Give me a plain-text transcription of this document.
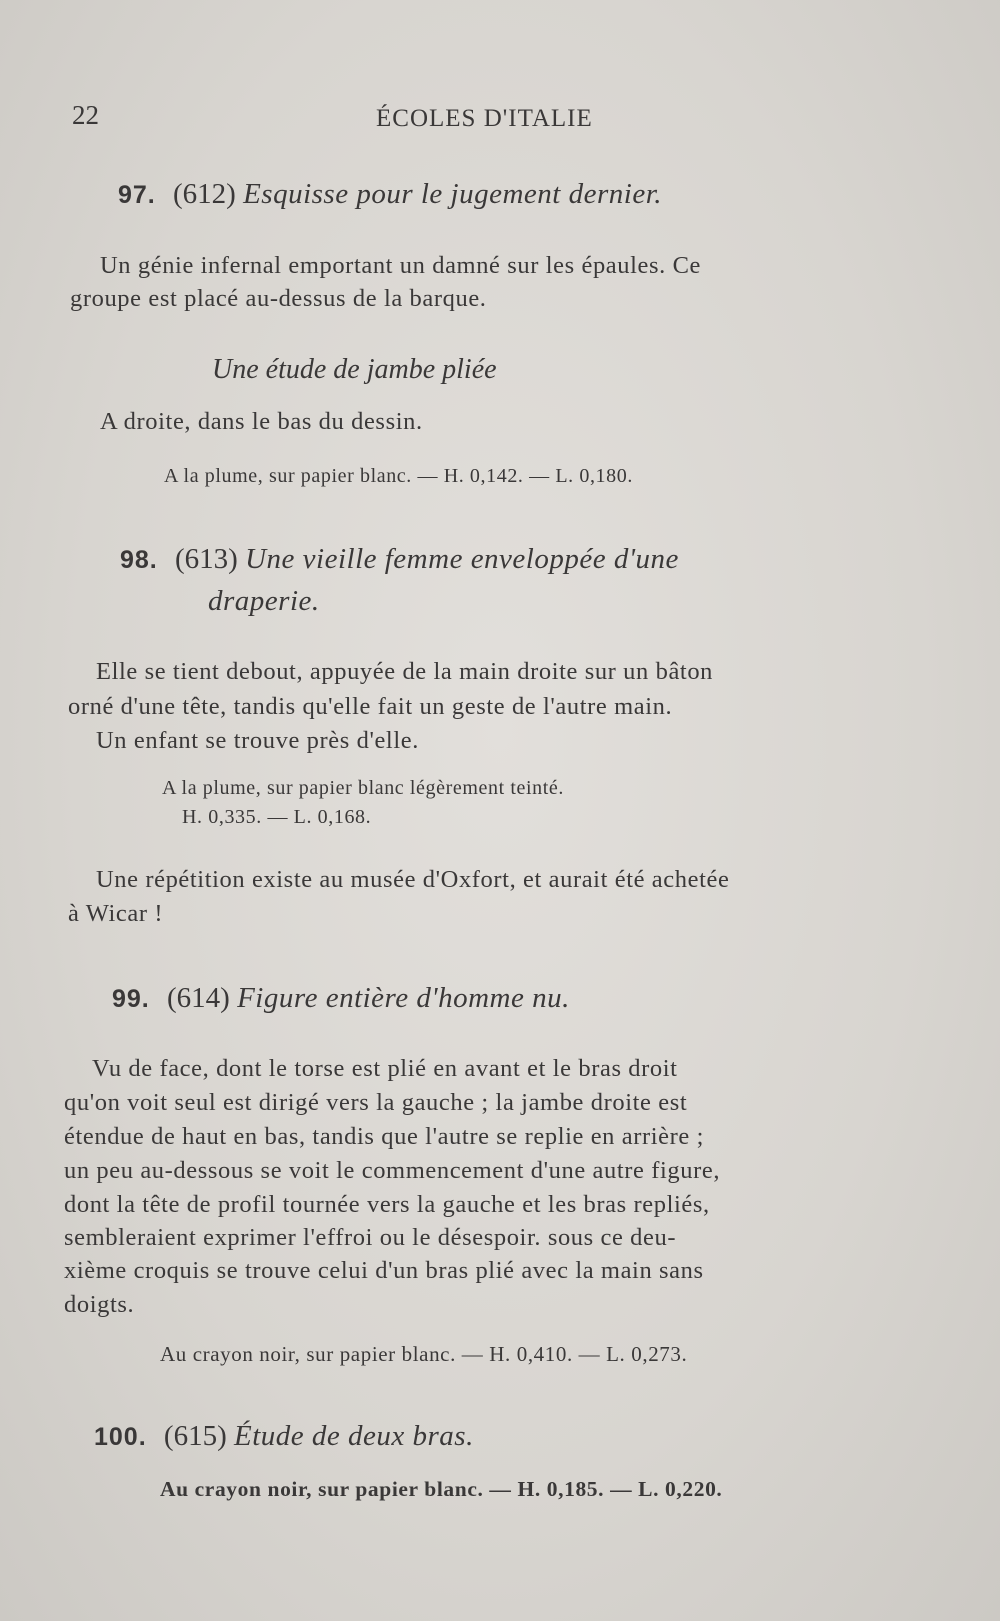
22	ÉCOLES D'ITALIE
97. (612) Esquisse pour le jugement dernier.
Un génie infernal emportant un damné sur les épaules. Ce
groupe est placé au-dessus de la barque.
Une étude de jambe pliée
A droite, dans le bas du dessin.
A la plume, sur papier blanc. — H. 0,142. — L. 0,180.
98. (613) Une vieille femme enveloppée d'une
draperie.
Elle se tient debout, appuyée de la main droite sur un bâton
orné d'une tête, tandis qu'elle fait un geste de l'autre main.
Un enfant se trouve près d'elle.
A la plume, sur papier blanc légèrement teinté.
H. 0,335. — L. 0,168.
Une répétition existe au musée d'Oxfort, et aurait été achetée
à Wicar !
99. (614) Figure entière d'homme nu.
Vu de face, dont le torse est plié en avant et le bras droit
qu'on voit seul est dirigé vers la gauche ; la jambe droite est
étendue de haut en bas, tandis que l'autre se replie en arrière ;
un peu au-dessous se voit le commencement d'une autre figure,
dont la tête de profil tournée vers la gauche et les bras repliés,
sembleraient exprimer l'effroi ou le désespoir. sous ce deu-
xième croquis se trouve celui d'un bras plié avec la main sans
doigts.
Au crayon noir, sur papier blanc. — H. 0,410. — L. 0,273.
100. (615) Étude de deux bras.
Au crayon noir, sur papier blanc. — H. 0,185. — L. 0,220.
